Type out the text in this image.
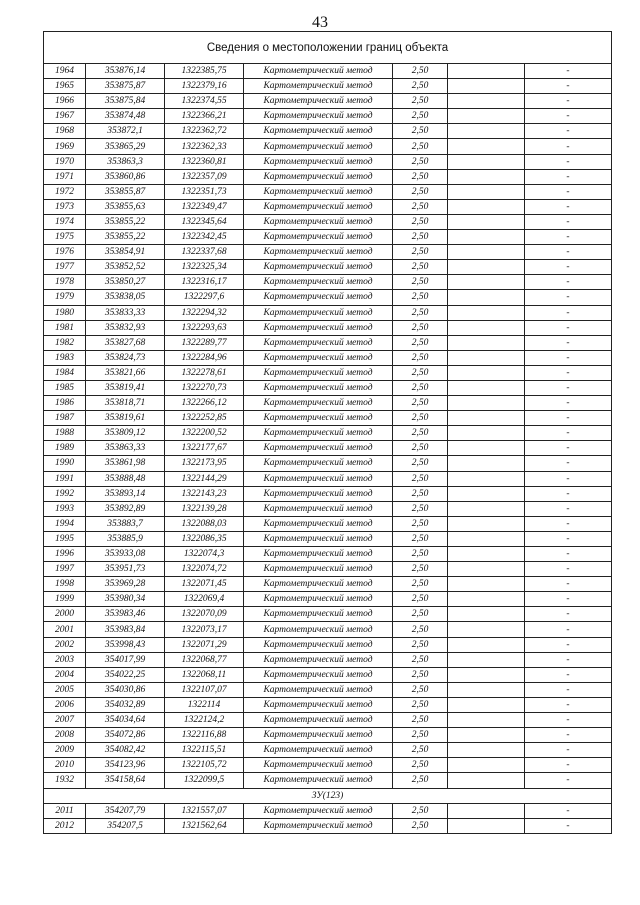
43
Сведения о местоположении границ объекта						
1964	353876,14	1322385,75	Картометрический метод	2,50		-
1965	353875,87	1322379,16	Картометрический метод	2,50		-
1966	353875,84	1322374,55	Картометрический метод	2,50		-
1967	353874,48	1322366,21	Картометрический метод	2,50		-
1968	353872,1	1322362,72	Картометрический метод	2,50		-
1969	353865,29	1322362,33	Картометрический метод	2,50		-
1970	353863,3	1322360,81	Картометрический метод	2,50		-
1971	353860,86	1322357,09	Картометрический метод	2,50		-
1972	353855,87	1322351,73	Картометрический метод	2,50		-
1973	353855,63	1322349,47	Картометрический метод	2,50		-
1974	353855,22	1322345,64	Картометрический метод	2,50		-
1975	353855,22	1322342,45	Картометрический метод	2,50		-
1976	353854,91	1322337,68	Картометрический метод	2,50		-
1977	353852,52	1322325,34	Картометрический метод	2,50		-
1978	353850,27	1322316,17	Картометрический метод	2,50		-
1979	353838,05	1322297,6	Картометрический метод	2,50		-
1980	353833,33	1322294,32	Картометрический метод	2,50		-
1981	353832,93	1322293,63	Картометрический метод	2,50		-
1982	353827,68	1322289,77	Картометрический метод	2,50		-
1983	353824,73	1322284,96	Картометрический метод	2,50		-
1984	353821,66	1322278,61	Картометрический метод	2,50		-
1985	353819,41	1322270,73	Картометрический метод	2,50		-
1986	353818,71	1322266,12	Картометрический метод	2,50		-
1987	353819,61	1322252,85	Картометрический метод	2,50		-
1988	353809,12	1322200,52	Картометрический метод	2,50		-
1989	353863,33	1322177,67	Картометрический метод	2,50		-
1990	353861,98	1322173,95	Картометрический метод	2,50		-
1991	353888,48	1322144,29	Картометрический метод	2,50		-
1992	353893,14	1322143,23	Картометрический метод	2,50		-
1993	353892,89	1322139,28	Картометрический метод	2,50		-
1994	353883,7	1322088,03	Картометрический метод	2,50		-
1995	353885,9	1322086,35	Картометрический метод	2,50		-
1996	353933,08	1322074,3	Картометрический метод	2,50		-
1997	353951,73	1322074,72	Картометрический метод	2,50		-
1998	353969,28	1322071,45	Картометрический метод	2,50		-
1999	353980,34	1322069,4	Картометрический метод	2,50		-
2000	353983,46	1322070,09	Картометрический метод	2,50		-
2001	353983,84	1322073,17	Картометрический метод	2,50		-
2002	353998,43	1322071,29	Картометрический метод	2,50		-
2003	354017,99	1322068,77	Картометрический метод	2,50		-
2004	354022,25	1322068,11	Картометрический метод	2,50		-
2005	354030,86	1322107,07	Картометрический метод	2,50		-
2006	354032,89	1322114	Картометрический метод	2,50		-
2007	354034,64	1322124,2	Картометрический метод	2,50		-
2008	354072,86	1322116,88	Картометрический метод	2,50		-
2009	354082,42	1322115,51	Картометрический метод	2,50		-
2010	354123,96	1322105,72	Картометрический метод	2,50		-
1932	354158,64	1322099,5	Картометрический метод	2,50		-
ЗУ(123)						
2011	354207,79	1321557,07	Картометрический метод	2,50		-
2012	354207,5	1321562,64	Картометрический метод	2,50		-
